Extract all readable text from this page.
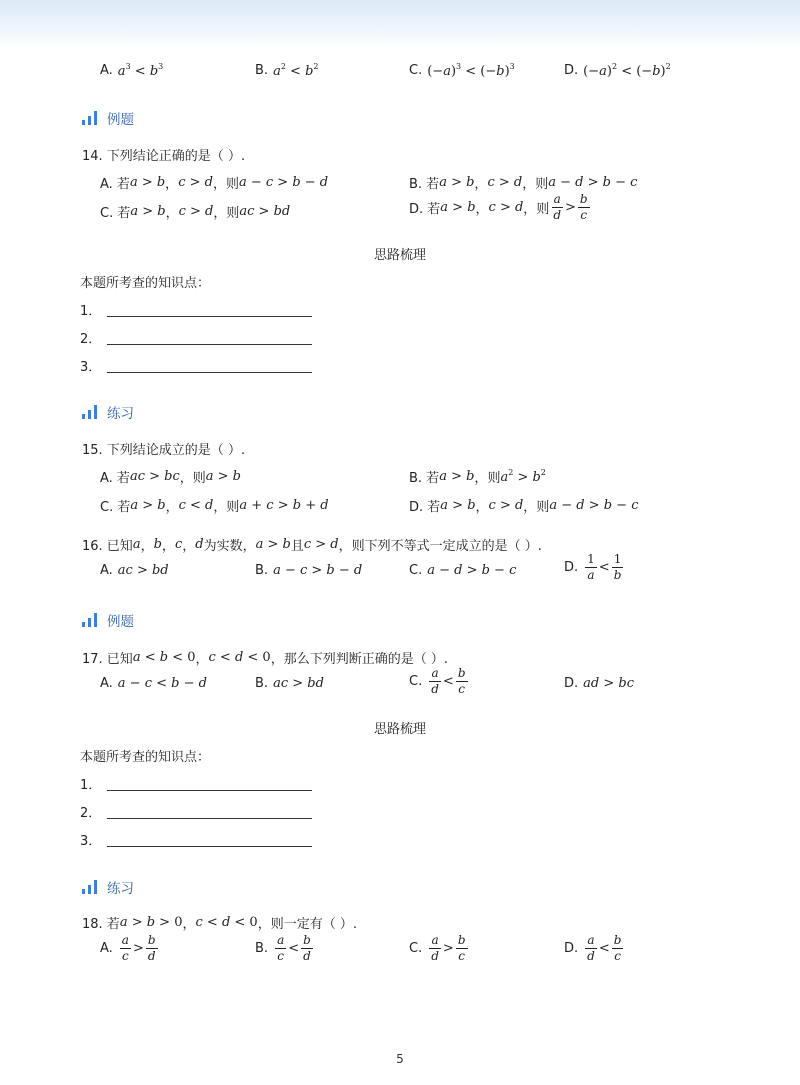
A. $a^3 < b^3$	B. $a^2 < b^2$	C. $(-a)^3 < (-b)^3$	D. $(-a)^2 < (-b)^2$
例题
14. 下列结论正确的是（ ）.
A. 若 a > b ， c > d ， 则 a − c > b − d	B. 若 a > b ， c > d ， 则 a − d > b − c
C. 若 a > b ， c > d ， 则 ac > bd	D. 若 a > b ， c > d ， 则 $\frac{a}{d} > \frac{b}{c}$
思路梳理
本题所考查的知识点：
1．
2．
3．
练习
15. 下列结论成立的是（ ）.
A. 若 ac > bc ， 则 a > b	B. 若 a > b ， 则 $a^2 > b^2$
C. 若 a > b ， c < d ， 则 a + c > b + d	D. 若 a > b ， c > d ， 则 a − d > b − c
16. 已知 a ， b ， c ， d 为实数， a > b 且 c > d ，则下列不等式一定成立的是（ ）.
A. ac > bd	B. a − c > b − d	C. a − d > b − c	D. $\frac{1}{a} < \frac{1}{b}$
例题
17. 已知 a < b < 0 ， c < d < 0 ，那么下列判断正确的是（ ）.
A. a − c < b − d	B. ac > bd	C. $\frac{a}{d} < \frac{b}{c}$	D. ad > bc
思路梳理
本题所考查的知识点：
1．
2．
3．
练习
18. 若 a > b > 0 ， c < d < 0 ，则一定有（ ）.
A. $\frac{a}{c} > \frac{b}{d}$	B. $\frac{a}{c} < \frac{b}{d}$	C. $\frac{a}{d} > \frac{b}{c}$	D. $\frac{a}{d} < \frac{b}{c}$
5
